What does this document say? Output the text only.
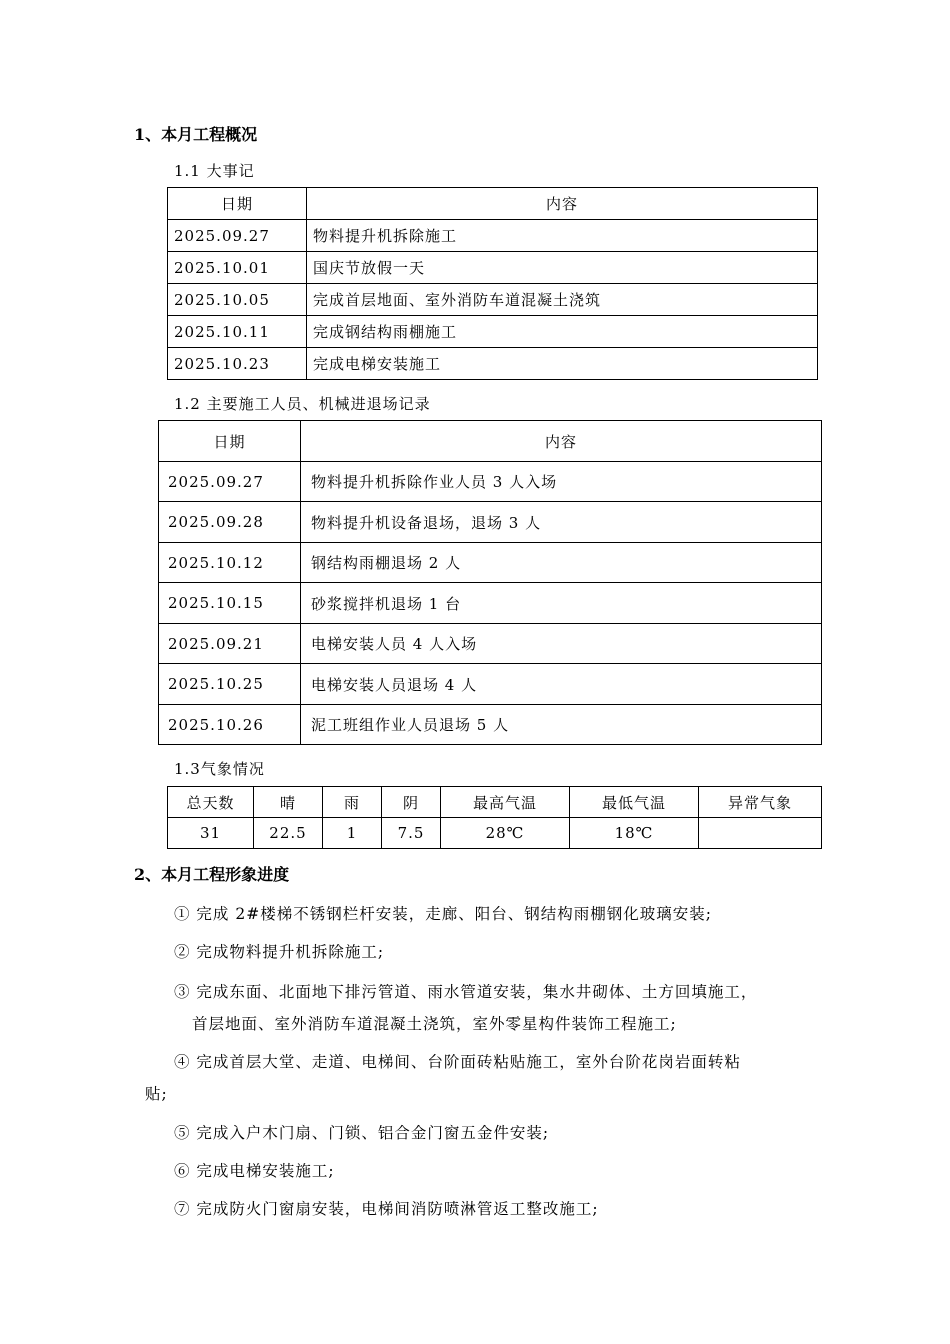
1、本月工程概况
1.1 大事记
日期	内容
2025.09.27	物料提升机拆除施工
2025.10.01	国庆节放假一天
2025.10.05	完成首层地面、室外消防车道混凝土浇筑
2025.10.11	完成钢结构雨棚施工
2025.10.23	完成电梯安装施工
1.2 主要施工人员、机械进退场记录
日期	内容
2025.09.27	物料提升机拆除作业人员 3 人入场
2025.09.28	物料提升机设备退场，退场 3 人
2025.10.12	钢结构雨棚退场 2 人
2025.10.15	砂浆搅拌机退场 1 台
2025.09.21	电梯安装人员 4 人入场
2025.10.25	电梯安装人员退场 4 人
2025.10.26	泥工班组作业人员退场 5 人
1.3气象情况
总天数	晴	雨	阴	最高气温	最低气温	异常气象
31	22.5	1	7.5	28℃	18℃	
2、本月工程形象进度
① 完成 2#楼梯不锈钢栏杆安装，走廊、阳台、钢结构雨棚钢化玻璃安装;
② 完成物料提升机拆除施工;
③ 完成东面、北面地下排污管道、雨水管道安装，集水井砌体、土方回填施工，
首层地面、室外消防车道混凝土浇筑，室外零星构件装饰工程施工;
④ 完成首层大堂、走道、电梯间、台阶面砖粘贴施工，室外台阶花岗岩面转粘
贴;
⑤ 完成入户木门扇、门锁、铝合金门窗五金件安装;
⑥ 完成电梯安装施工;
⑦ 完成防火门窗扇安装，电梯间消防喷淋管返工整改施工;
